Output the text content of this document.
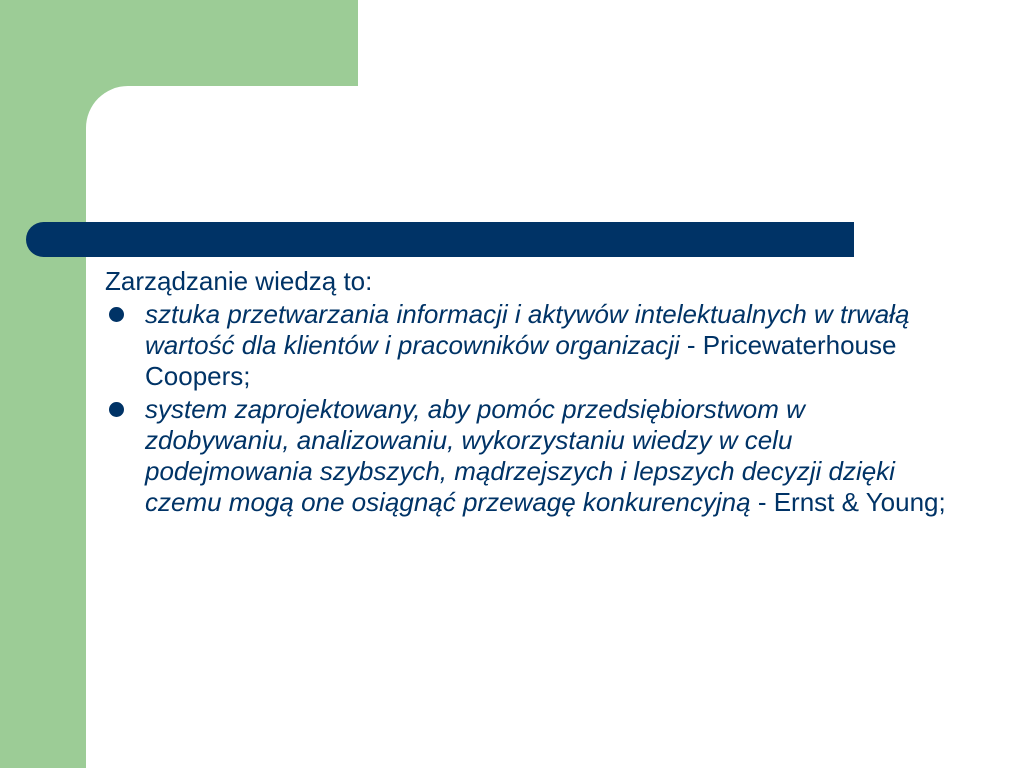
Zarządzanie wiedzą to:
sztuka przetwarzania informacji i aktywów intelektualnych w trwałą wartość dla klientów i pracowników organizacji - Pricewaterhouse Coopers;
system zaprojektowany, aby pomóc przedsiębiorstwom w zdobywaniu, analizowaniu, wykorzystaniu wiedzy w celu podejmowania szybszych, mądrzejszych i lepszych decyzji dzięki czemu mogą one osiągnąć przewagę konkurencyjną - Ernst & Young;
